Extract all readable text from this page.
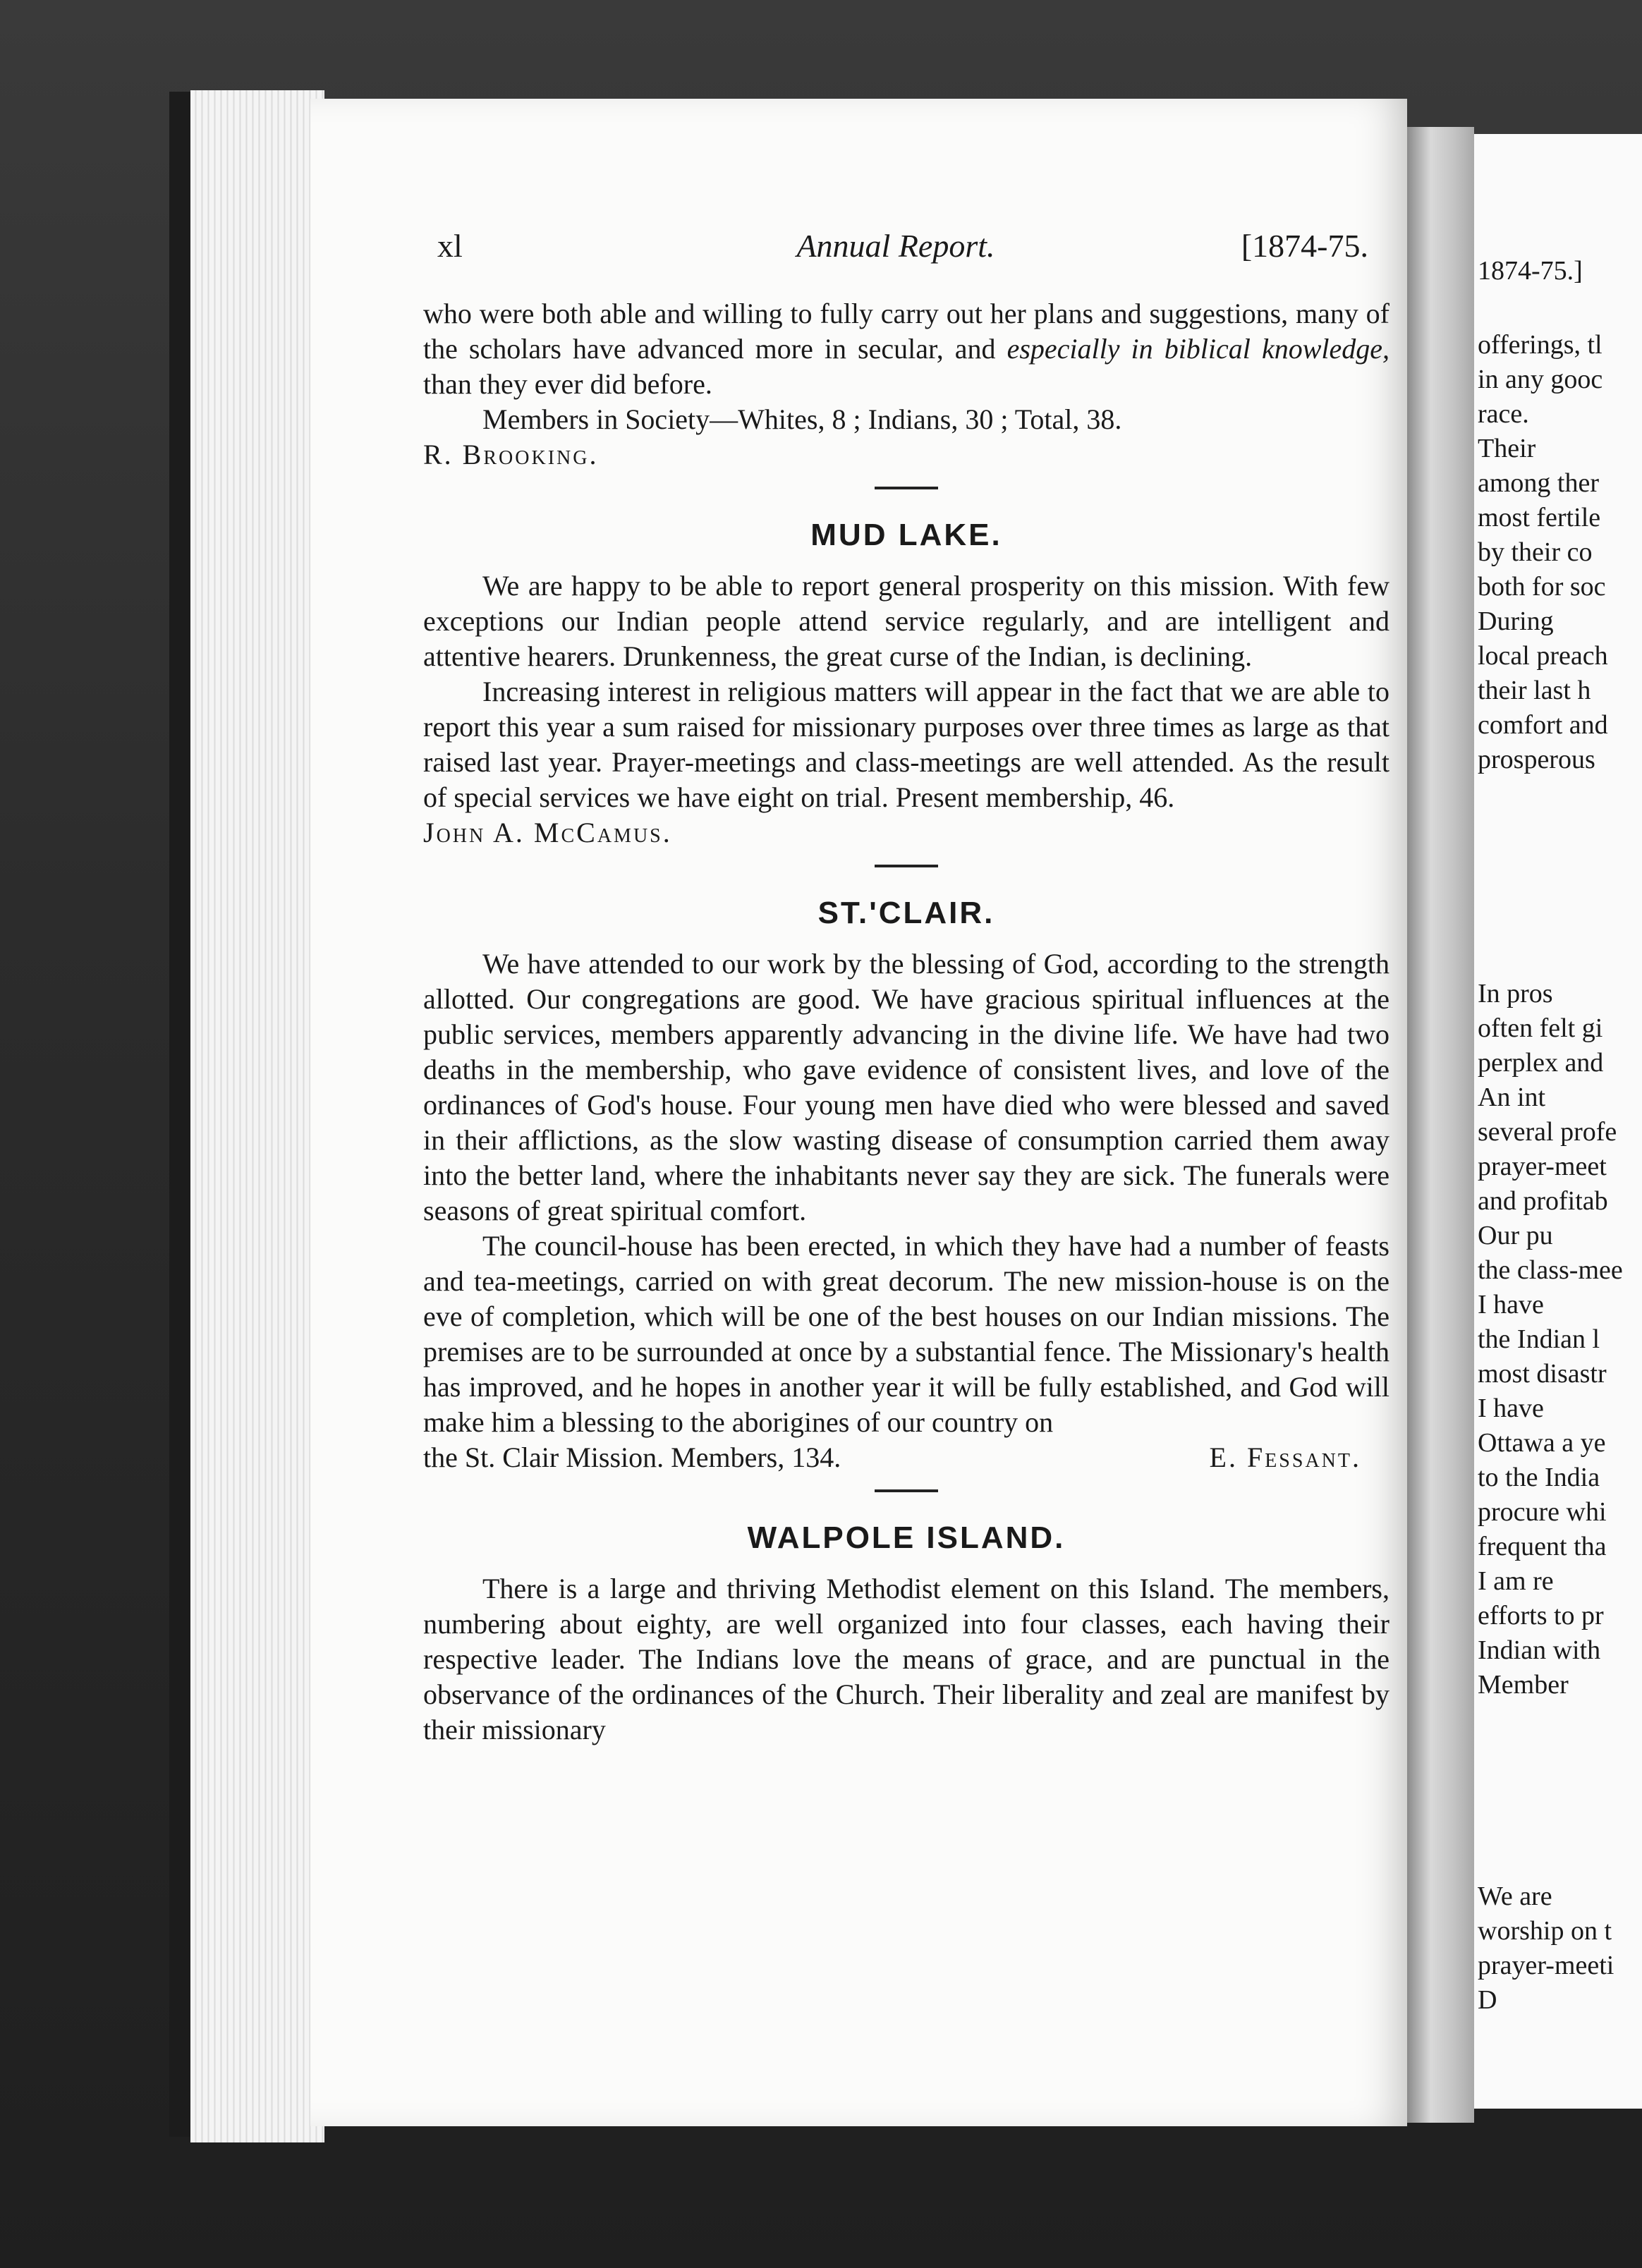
xl	Annual Report.	[1874-75.

who were both able and willing to fully carry out her plans and suggestions, many of the scholars have advanced more in secular, and especially in biblical knowledge, than they ever did before.

Members in Society—Whites, 8 ; Indians, 30 ; Total, 38.

R. Brooking.

MUD LAKE.

We are happy to be able to report general prosperity on this mission. With few exceptions our Indian people attend service regularly, and are intelligent and attentive hearers. Drunkenness, the great curse of the Indian, is declining.

Increasing interest in religious matters will appear in the fact that we are able to report this year a sum raised for missionary purposes over three times as large as that raised last year. Prayer-meetings and class-meetings are well attended. As the result of special services we have eight on trial. Present membership, 46.

John A. McCamus.

ST.'CLAIR.

We have attended to our work by the blessing of God, according to the strength allotted. Our congregations are good. We have gracious spiritual influences at the public services, members apparently advancing in the divine life. We have had two deaths in the membership, who gave evidence of consistent lives, and love of the ordinances of God's house. Four young men have died who were blessed and saved in their afflictions, as the slow wasting disease of consumption carried them away into the better land, where the inhabitants never say they are sick. The funerals were seasons of great spiritual comfort.

The council-house has been erected, in which they have had a number of feasts and tea-meetings, carried on with great decorum. The new mission-house is on the eve of completion, which will be one of the best houses on our Indian missions. The premises are to be surrounded at once by a substantial fence. The Missionary's health has improved, and he hopes in another year it will be fully established, and God will make him a blessing to the aborigines of our country on

the St. Clair Mission. Members, 134.	E. Fessant.
WALPOLE ISLAND.

There is a large and thriving Methodist element on this Island. The members, numbering about eighty, are well organized into four classes, each having their respective leader. The Indians love the means of grace, and are punctual in the observance of the ordinances of the Church. Their liberality and zeal are manifest by their missionary

1874-75.]
offerings, tl
in any gooc
race.
Their
among ther
most fertile
by their co
both for soc
During
local preach
their last h
comfort and
prosperous
In pros
often felt gi
perplex and
An int
several profe
prayer-meet
and profitab
Our pu
the class-mee
I have
the Indian l
most disastr
I have
Ottawa a ye
to the India
procure whi
frequent tha
I am re
efforts to pr
Indian with
Member
We are
worship on t
prayer-meeti
D
